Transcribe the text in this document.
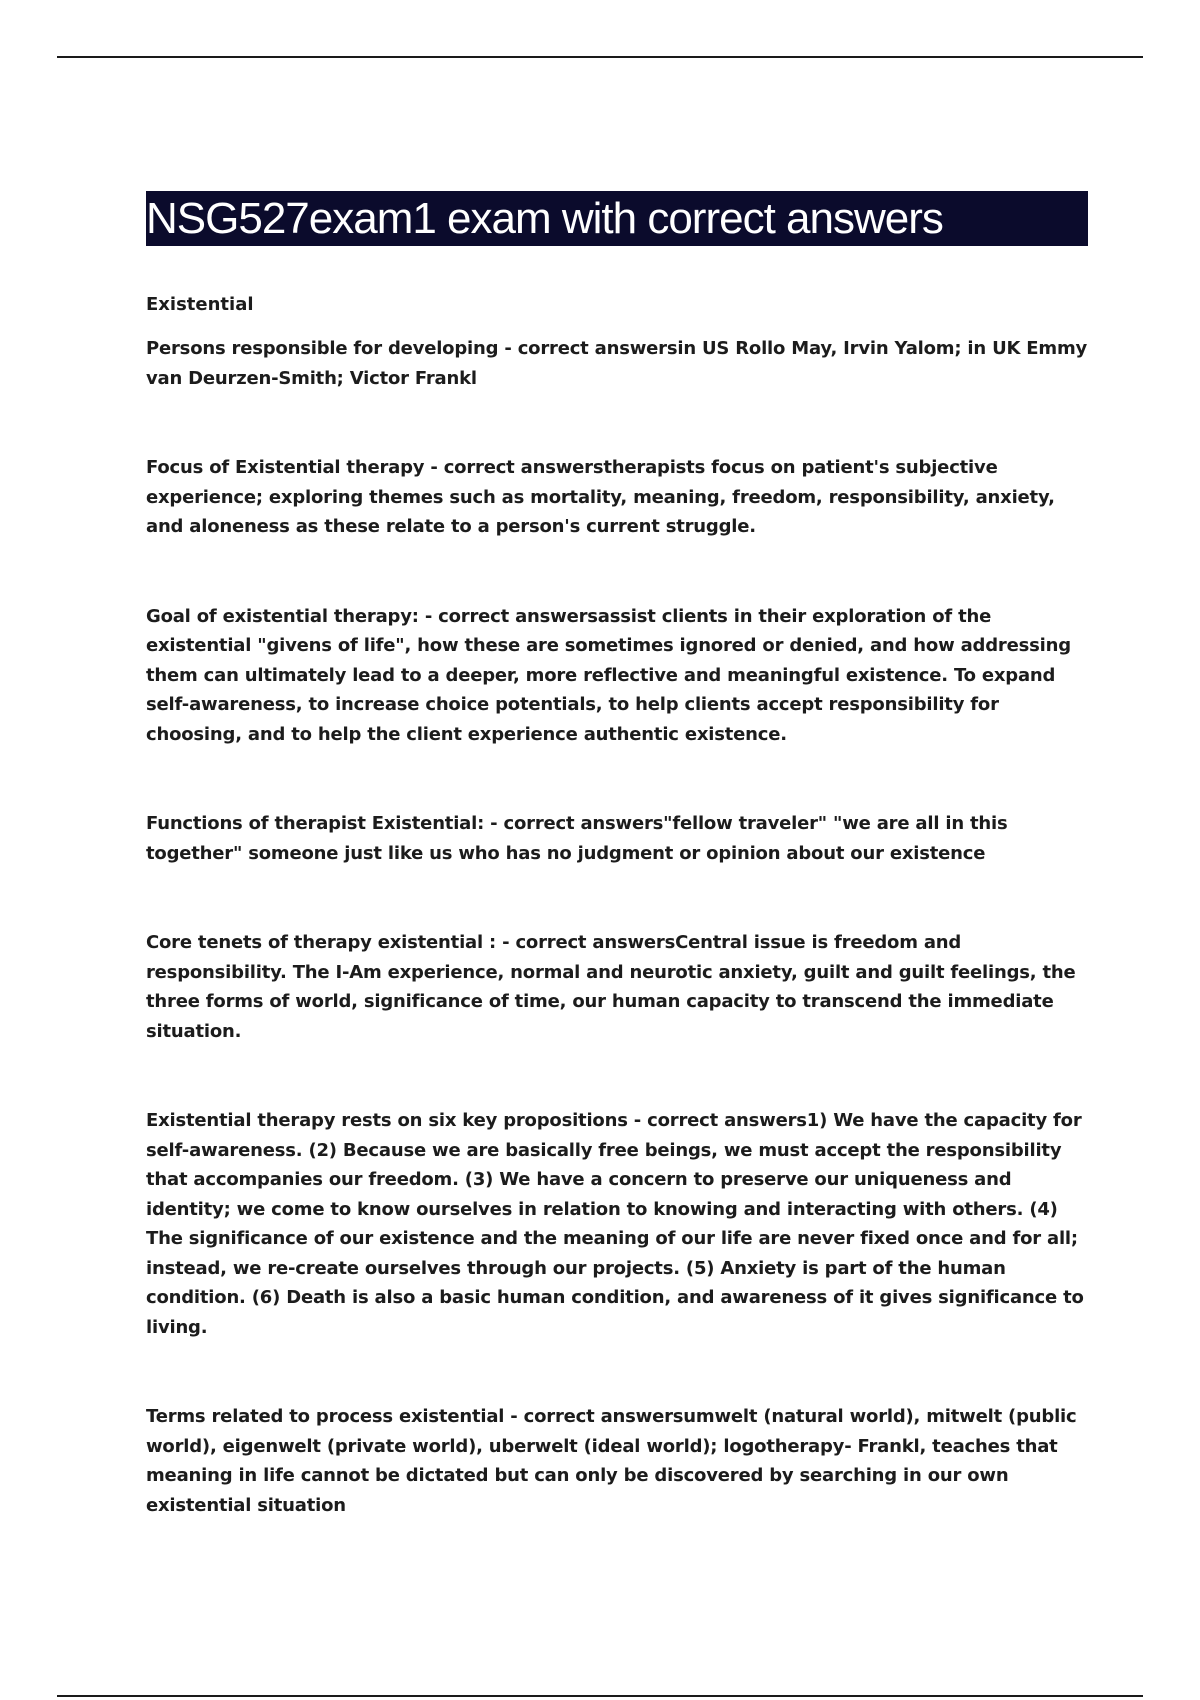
NSG527exam1 exam with correct answers
Existential
Persons responsible for developing - correct answersin US Rollo May, Irvin Yalom; in UK Emmy van Deurzen-Smith; Victor Frankl
Focus of Existential therapy - correct answerstherapists focus on patient's subjective experience; exploring themes such as mortality, meaning, freedom, responsibility, anxiety, and aloneness as these relate to a person's current struggle.
Goal of existential therapy: - correct answersassist clients in their exploration of the existential "givens of life", how these are sometimes ignored or denied, and how addressing them can ultimately lead to a deeper, more reflective and meaningful existence. To expand self-awareness, to increase choice potentials, to help clients accept responsibility for choosing, and to help the client experience authentic existence.
Functions of therapist Existential: - correct answers"fellow traveler" "we are all in this together" someone just like us who has no judgment or opinion about our existence
Core tenets of therapy existential : - correct answersCentral issue is freedom and responsibility. The I-Am experience, normal and neurotic anxiety, guilt and guilt feelings, the three forms of world, significance of time, our human capacity to transcend the immediate situation.
Existential therapy rests on six key propositions - correct answers1) We have the capacity for self-awareness. (2) Because we are basically free beings, we must accept the responsibility that accompanies our freedom. (3) We have a concern to preserve our uniqueness and identity; we come to know ourselves in relation to knowing and interacting with others. (4) The significance of our existence and the meaning of our life are never fixed once and for all; instead, we re-create ourselves through our projects. (5) Anxiety is part of the human condition. (6) Death is also a basic human condition, and awareness of it gives significance to living.
Terms related to process existential - correct answersumwelt (natural world), mitwelt (public world), eigenwelt (private world), uberwelt (ideal world); logotherapy- Frankl, teaches that meaning in life cannot be dictated but can only be discovered by searching in our own existential situation
